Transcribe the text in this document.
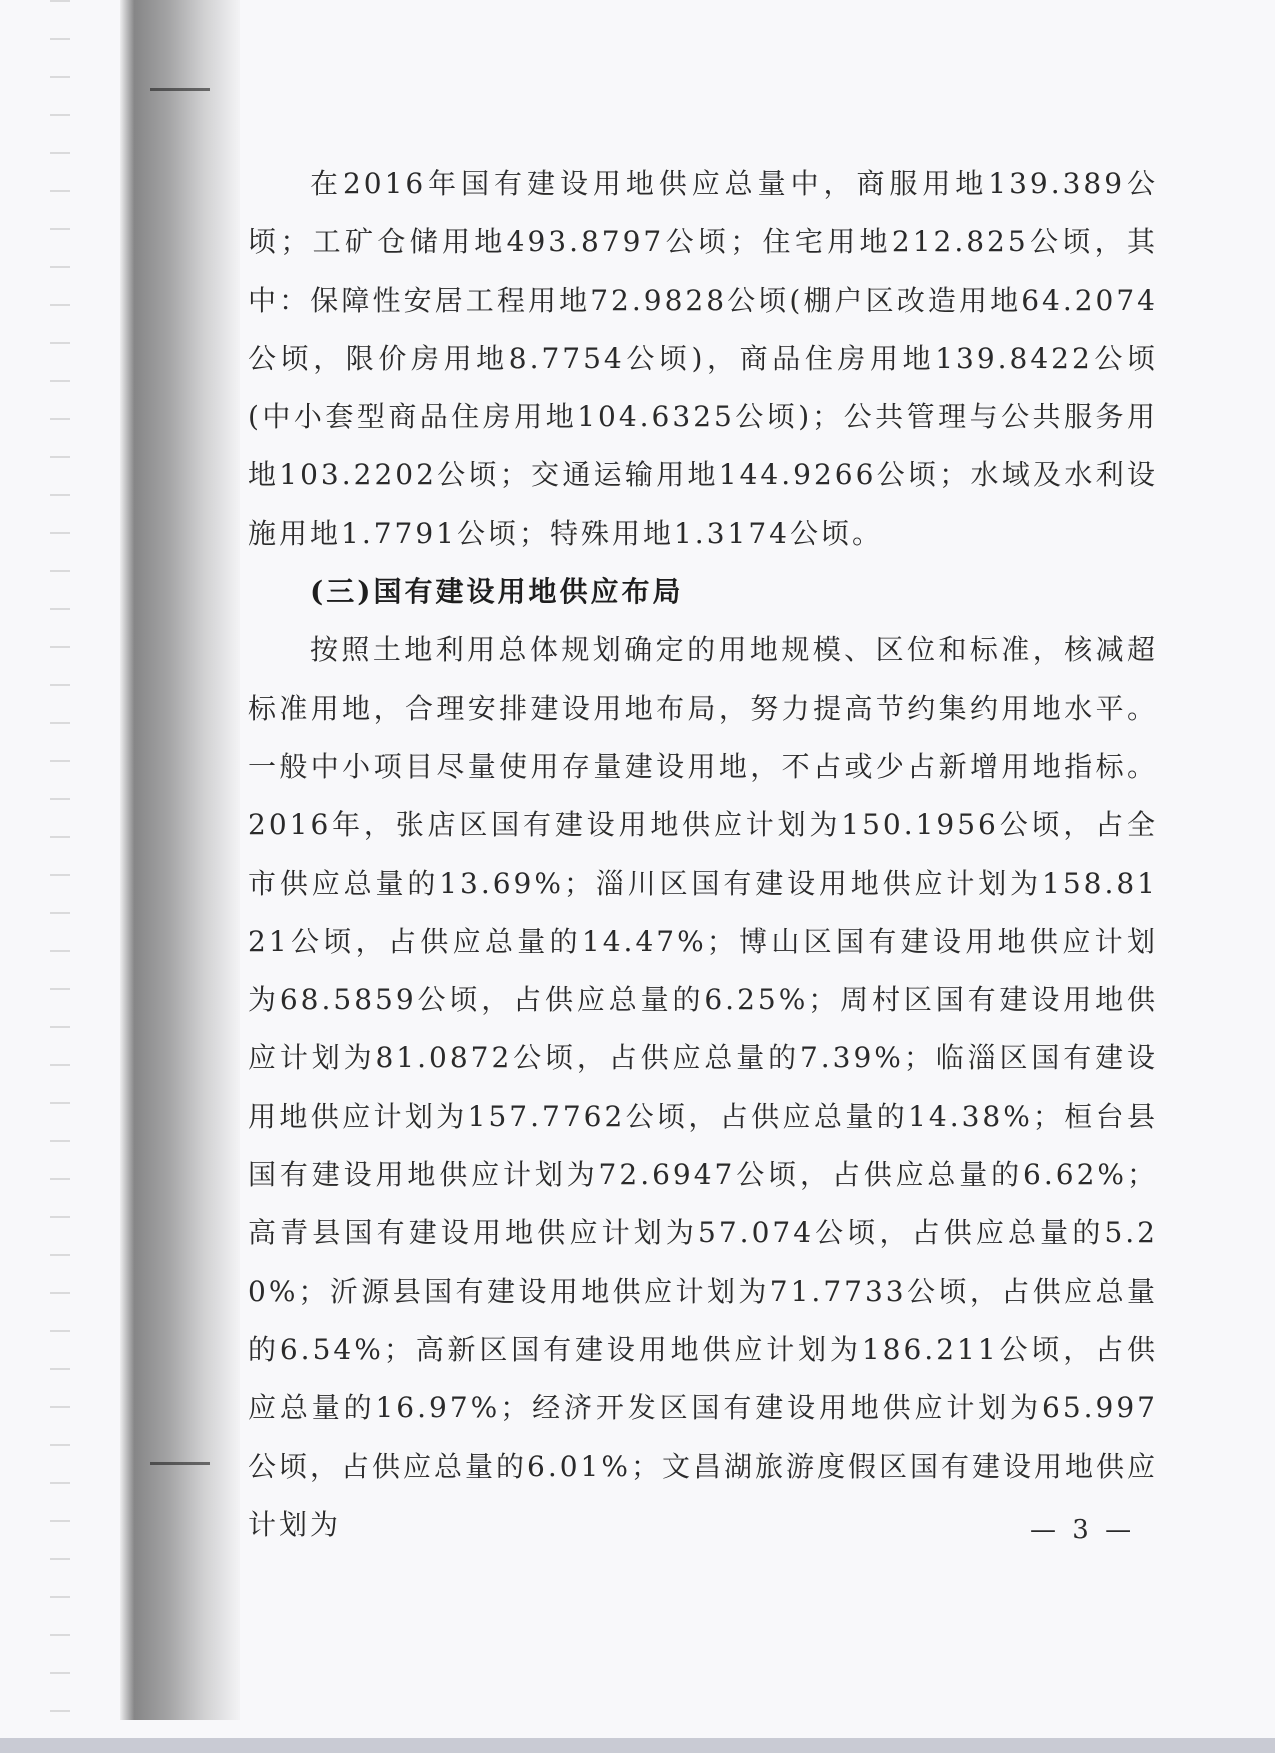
在2016年国有建设用地供应总量中，商服用地139.389公顷；工矿仓储用地493.8797公顷；住宅用地212.825公顷，其中：保障性安居工程用地72.9828公顷(棚户区改造用地64.2074公顷，限价房用地8.7754公顷)，商品住房用地139.8422公顷(中小套型商品住房用地104.6325公顷)；公共管理与公共服务用地103.2202公顷；交通运输用地144.9266公顷；水域及水利设施用地1.7791公顷；特殊用地1.3174公顷。

(三)国有建设用地供应布局

按照土地利用总体规划确定的用地规模、区位和标准，核减超标准用地，合理安排建设用地布局，努力提高节约集约用地水平。一般中小项目尽量使用存量建设用地，不占或少占新增用地指标。2016年，张店区国有建设用地供应计划为150.1956公顷，占全市供应总量的13.69%；淄川区国有建设用地供应计划为158.8121公顷，占供应总量的14.47%；博山区国有建设用地供应计划为68.5859公顷，占供应总量的6.25%；周村区国有建设用地供应计划为81.0872公顷，占供应总量的7.39%；临淄区国有建设用地供应计划为157.7762公顷，占供应总量的14.38%；桓台县国有建设用地供应计划为72.6947公顷，占供应总量的6.62%；高青县国有建设用地供应计划为57.074公顷，占供应总量的5.20%；沂源县国有建设用地供应计划为71.7733公顷，占供应总量的6.54%；高新区国有建设用地供应计划为186.211公顷，占供应总量的16.97%；经济开发区国有建设用地供应计划为65.997公顷，占供应总量的6.01%；文昌湖旅游度假区国有建设用地供应计划为	— 3 —
